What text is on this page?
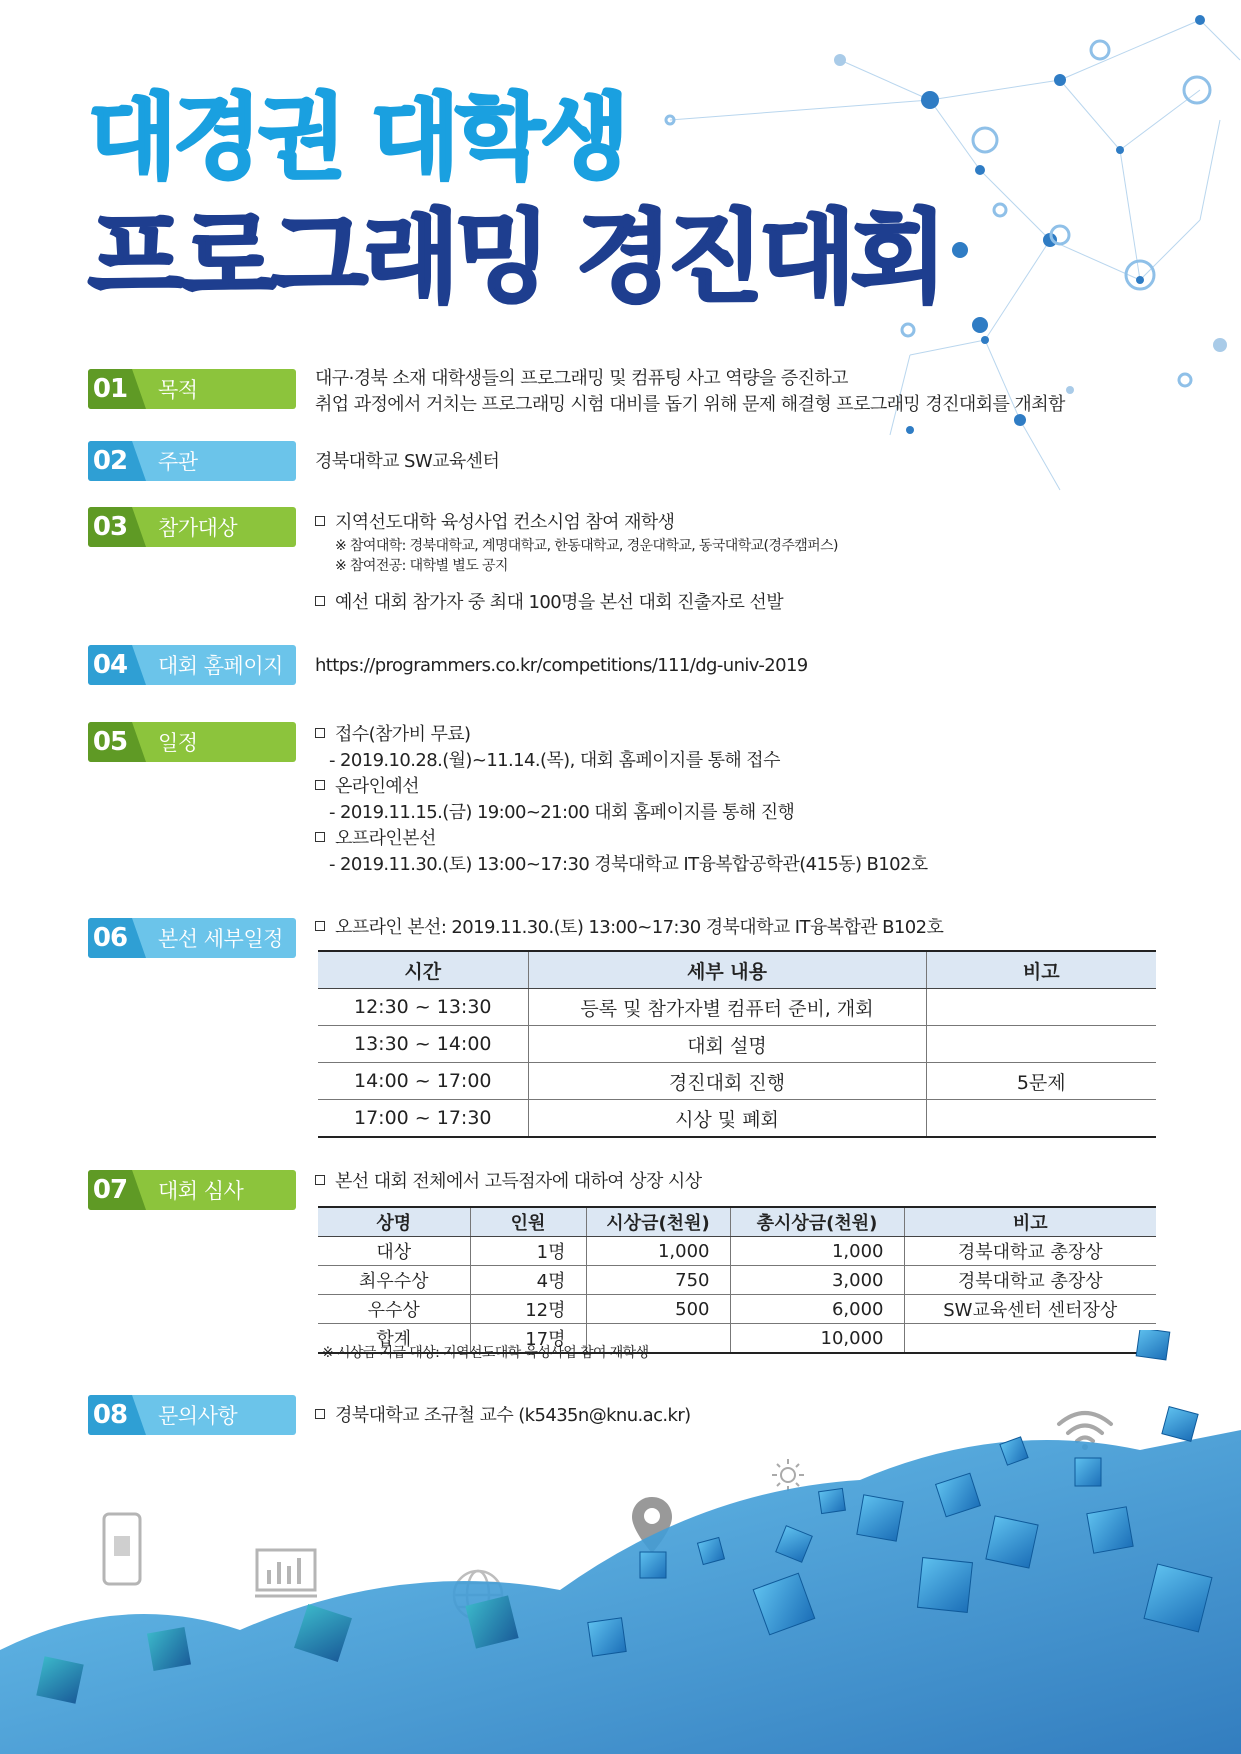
대경권 대학생
프로그래밍 경진대회
01 목적	대구·경북 소재 대학생들의 프로그래밍 및 컴퓨팅 사고 역량을 증진하고
취업 과정에서 거치는 프로그래밍 시험 대비를 돕기 위해 문제 해결형 프로그래밍 경진대회를 개최함
02 주관	경북대학교 SW교육센터
03 참가대상	지역선도대학 육성사업 컨소시엄 참여 재학생
※ 참여대학: 경북대학교, 계명대학교, 한동대학교, 경운대학교, 동국대학교(경주캠퍼스)
※ 참여전공: 대학별 별도 공지
예선 대회 참가자 중 최대 100명을 본선 대회 진출자로 선발
04 대회 홈페이지 https://programmers.co.kr/competitions/111/dg-univ-2019
05 일정	접수(참가비 무료)
- 2019.10.28.(월)~11.14.(목), 대회 홈페이지를 통해 접수
온라인예선
- 2019.11.15.(금) 19:00~21:00 대회 홈페이지를 통해 진행
오프라인본선
- 2019.11.30.(토) 13:00~17:30 경북대학교 IT융복합공학관(415동) B102호
06 본선 세부일정	오프라인 본선: 2019.11.30.(토) 13:00~17:30 경북대학교 IT융복합관 B102호
시간	세부 내용	비고
12:30 ~ 13:30	등록 및 참가자별 컴퓨터 준비, 개회	
13:30 ~ 14:00	대회 설명	
14:00 ~ 17:00	경진대회 진행	5문제
17:00 ~ 17:30	시상 및 폐회	
07 대회 심사	본선 대회 전체에서 고득점자에 대하여 상장 시상
상명	인원	시상금(천원)	총시상금(천원)	비고
대상	1명	1,000	1,000	경북대학교 총장상
최우수상	4명	750	3,000	경북대학교 총장상
우수상	12명	500	6,000	SW교육센터 센터장상
합계	17명		10,000	
※ 시상금 지급 대상: 지역선도대학 육성사업 참여 재학생
08 문의사항	경북대학교 조규철 교수 (k5435n@knu.ac.kr)
